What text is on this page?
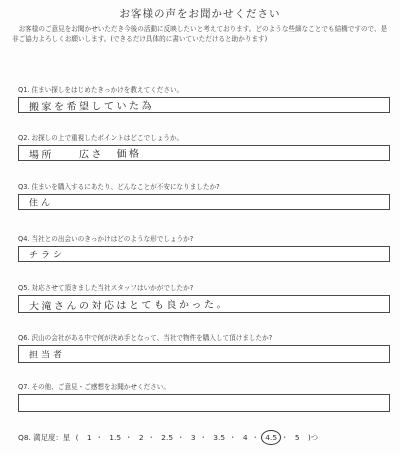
お客様の声をお聞かせください
お客様のご意見をお聞かせいただき今後の活動に反映したいと考えております。どのような些細なことでも結構ですので、是非ご協力よろしくお願いします。(できるだけ具体的に書いていただけると助かります)
Q1. 住まい探しをはじめたきっかけを教えてください。
搬家を希望していた為
Q2. お探しの上で重視したポイントはどこでしょうか。
場所　　広さ　価格
Q3. 住まいを購入するにあたり、どんなことが不安になりましたか?
住ん
Q4. 当社との出会いのきっかけはどのような形でしょうか?
チラシ
Q5. 対応させて頂きました当社スタッフはいかがでしたか?
大滝さんの対応はとても良かった。
Q6. 沢山の会社がある中で何が決め手となって、当社で物件を購入して頂けましたか?
担当者
Q7. その他、ご意見・ご感想をお聞かせください。
Q8. 満足度：星 ( 1 ・ 1.5 ・ 2 ・ 2.5 ・ 3 ・ 3.5 ・ 4 ・ 4.5 ・ 5 )つ
